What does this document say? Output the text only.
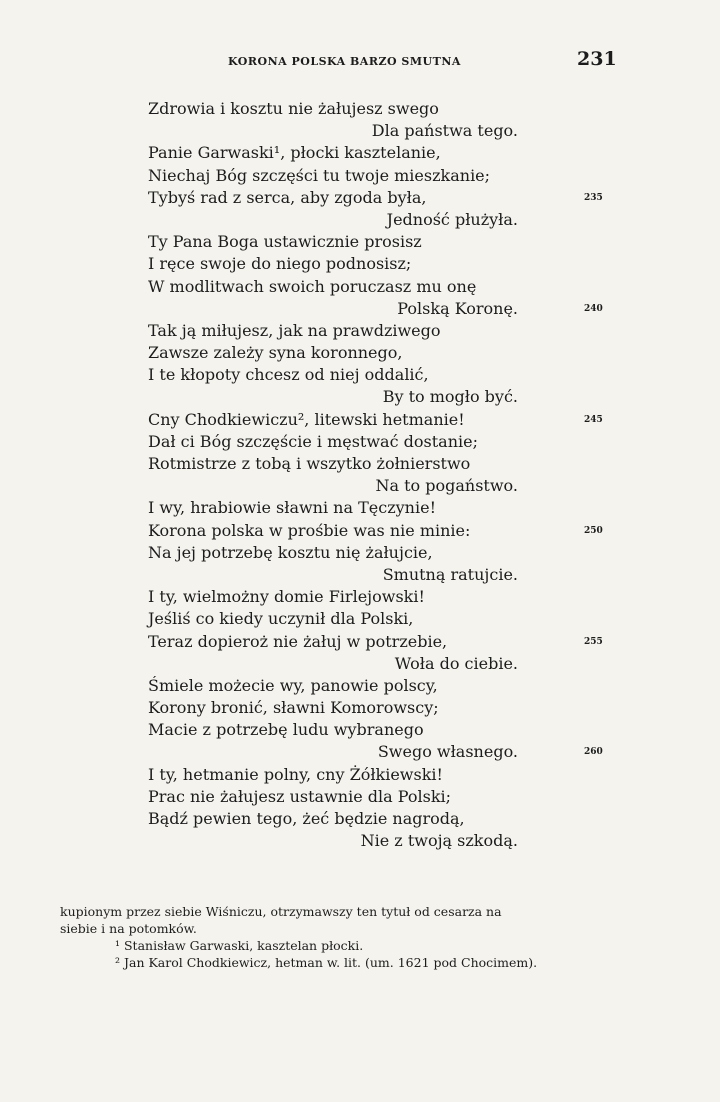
KORONA POLSKA BARZO SMUTNA	231
Zdrowia i kosztu nie żałujesz swego
Dla państwa tego.
Panie Garwaski¹, płocki kasztelanie,
Niechaj Bóg szczęści tu twoje mieszkanie;
Tybyś rad z serca, aby zgoda była,	235
Jedność płużyła.
Ty Pana Boga ustawicznie prosisz
I ręce swoje do niego podnosisz;
W modlitwach swoich poruczasz mu onę
Polską Koronę.	240
Tak ją miłujesz, jak na prawdziwego
Zawsze zależy syna koronnego,
I te kłopoty chcesz od niej oddalić,
By to mogło być.
Cny Chodkiewiczu², litewski hetmanie!	245
Dał ci Bóg szczęście i męstwać dostanie;
Rotmistrze z tobą i wszytko żołnierstwo
Na to pogaństwo.
I wy, hrabiowie sławni na Tęczynie!
Korona polska w prośbie was nie minie:	250
Na jej potrzebę kosztu nię żałujcie,
Smutną ratujcie.
I ty, wielmożny domie Firlejowski!
Jeśliś co kiedy uczynił dla Polski,
Teraz dopieroż nie żałuj w potrzebie,	255
Woła do ciebie.
Śmiele możecie wy, panowie polscy,
Korony bronić, sławni Komorowscy;
Macie z potrzebę ludu wybranego
Swego własnego.	260
I ty, hetmanie polny, cny Żółkiewski!
Prac nie żałujesz ustawnie dla Polski;
Bądź pewien tego, żeć będzie nagrodą,
Nie z twoją szkodą.

kupionym przez siebie Wiśniczu, otrzymawszy ten tytuł od cesarza na

siebie i na potomków.

¹ Stanisław Garwaski, kasztelan płocki.

² Jan Karol Chodkiewicz, hetman w. lit. (um. 1621 pod Chocimem).
